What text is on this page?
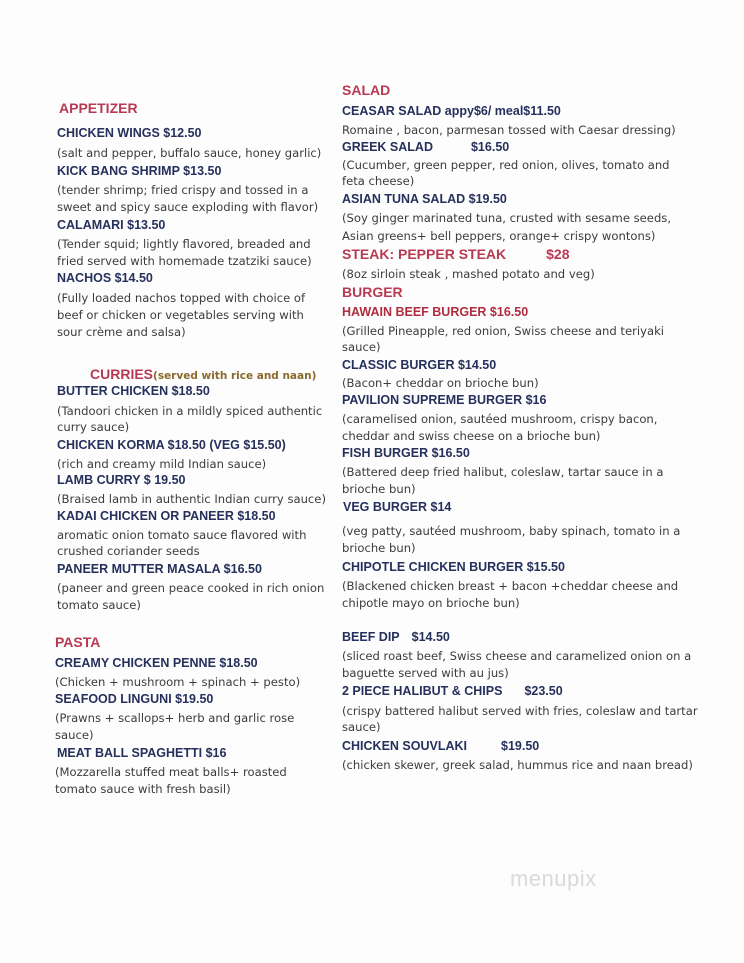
APPETIZER
CHICKEN WINGS $12.50
(salt and pepper, buffalo sauce, honey garlic)
KICK BANG SHRIMP $13.50
(tender shrimp; fried crispy and tossed in a
sweet and spicy sauce exploding with flavor)
CALAMARI $13.50
(Tender squid; lightly flavored, breaded and
fried served with homemade tzatziki sauce)
NACHOS $14.50
(Fully loaded nachos topped with choice of
beef or chicken or vegetables serving with
sour crème and salsa)
CURRIES(served with rice and naan)
BUTTER CHICKEN $18.50
(Tandoori chicken in a mildly spiced authentic
curry sauce)
CHICKEN KORMA $18.50 (VEG $15.50)
(rich and creamy mild Indian sauce)
LAMB CURRY $ 19.50
(Braised lamb in authentic Indian curry sauce)
KADAI CHICKEN OR PANEER $18.50
aromatic onion tomato sauce flavored with
crushed coriander seeds
PANEER MUTTER MASALA $16.50
(paneer and green peace cooked in rich onion
tomato sauce)
PASTA
CREAMY CHICKEN PENNE $18.50
(Chicken + mushroom + spinach + pesto)
SEAFOOD LINGUNI $19.50
(Prawns + scallops+ herb and garlic rose
sauce)
MEAT BALL SPAGHETTI $16
(Mozzarella stuffed meat balls+ roasted
tomato sauce with fresh basil)
SALAD
CEASAR SALAD appy$6/ meal$11.50
Romaine , bacon, parmesan tossed with Caesar dressing)
GREEK SALAD	$16.50
(Cucumber, green pepper, red onion, olives, tomato and
feta cheese)
ASIAN TUNA SALAD $19.50
(Soy ginger marinated tuna, crusted with sesame seeds,
Asian greens+ bell peppers, orange+ crispy wontons)
STEAK: PEPPER STEAK	$28
(8oz sirloin steak , mashed potato and veg)
BURGER
HAWAIN BEEF BURGER $16.50
(Grilled Pineapple, red onion, Swiss cheese and teriyaki
sauce)
CLASSIC BURGER $14.50
(Bacon+ cheddar on brioche bun)
PAVILION SUPREME BURGER $16
(caramelised onion, sautéed mushroom, crispy bacon,
cheddar and swiss cheese on a brioche bun)
FISH BURGER $16.50
(Battered deep fried halibut, coleslaw, tartar sauce in a
brioche bun)
VEG BURGER $14
(veg patty, sautéed mushroom, baby spinach, tomato in a
brioche bun)
CHIPOTLE CHICKEN BURGER $15.50
(Blackened chicken breast + bacon +cheddar cheese and
chipotle mayo on brioche bun)
BEEF DIP $14.50
(sliced roast beef, Swiss cheese and caramelized onion on a
baguette served with au jus)
2 PIECE HALIBUT & CHIPS $23.50
(crispy battered halibut served with fries, coleslaw and tartar
sauce)
CHICKEN SOUVLAKI	$19.50
(chicken skewer, greek salad, hummus rice and naan bread)
menupix
